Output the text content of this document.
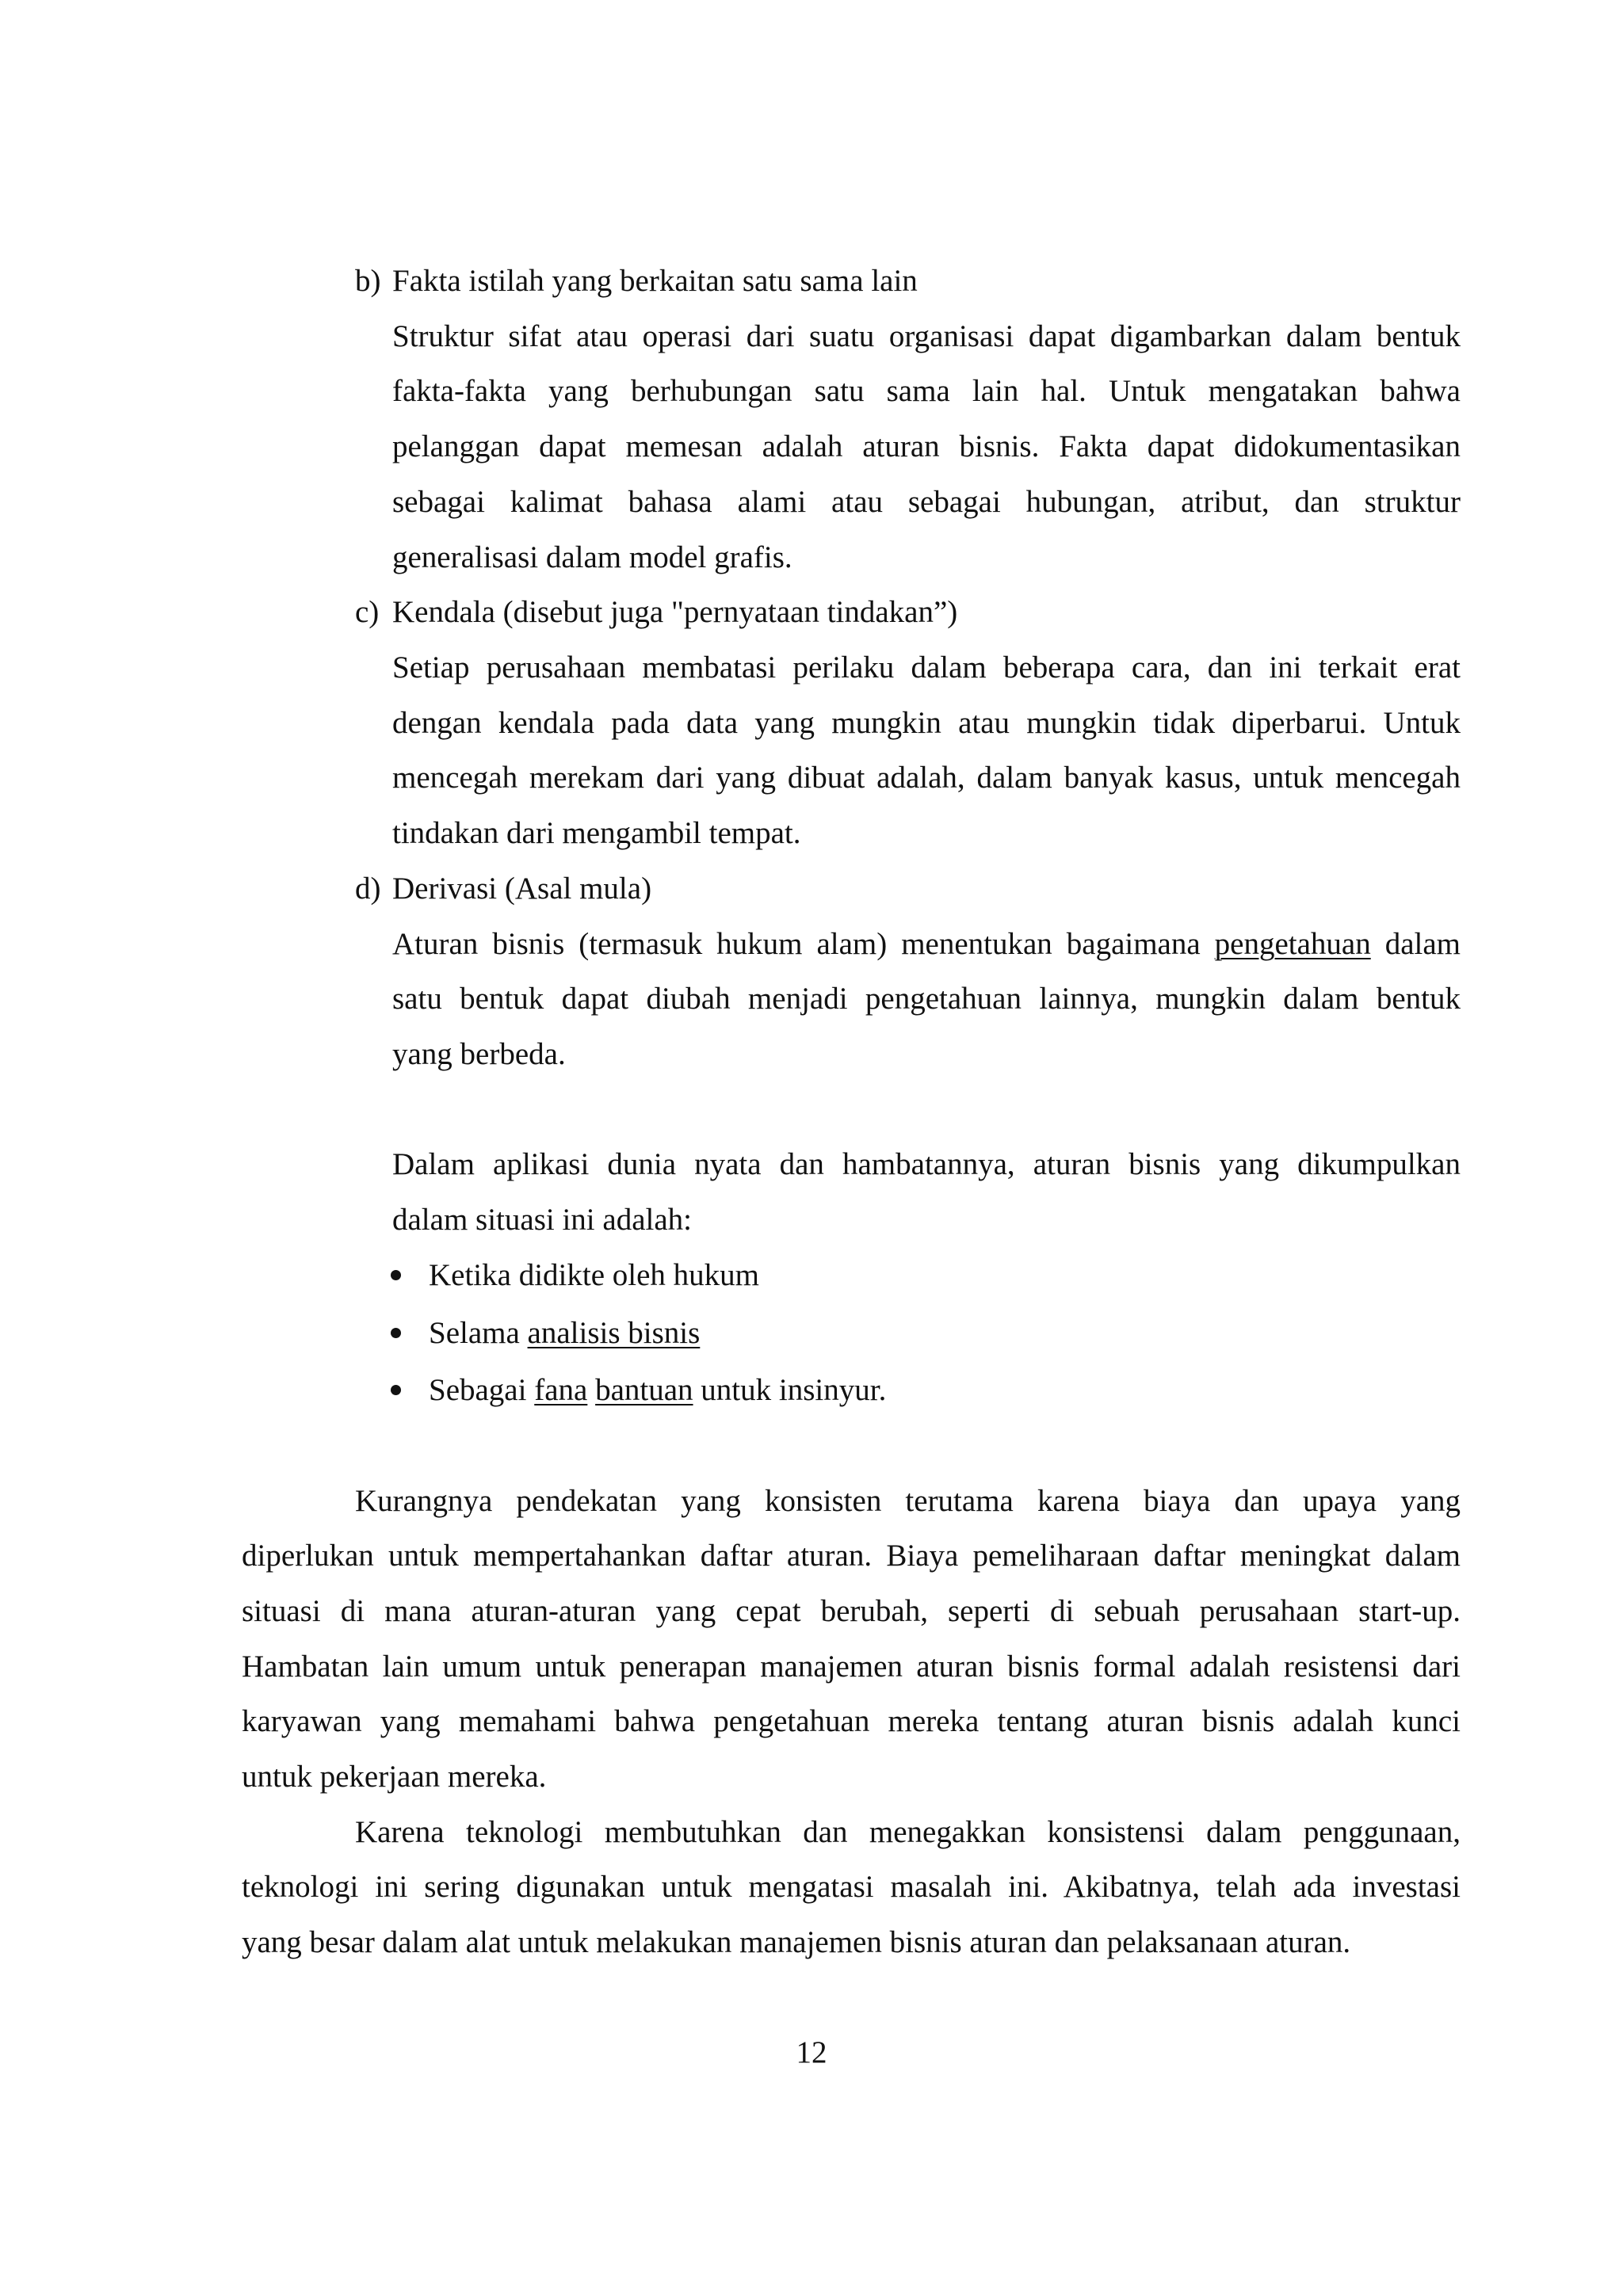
b) Fakta istilah yang berkaitan satu sama lain
Struktur sifat atau operasi dari suatu organisasi dapat digambarkan dalam bentuk
fakta-fakta yang berhubungan satu sama lain hal. Untuk mengatakan bahwa
pelanggan dapat memesan adalah aturan bisnis. Fakta dapat didokumentasikan
sebagai kalimat bahasa alami atau sebagai hubungan, atribut, dan struktur
generalisasi dalam model grafis.
c) Kendala (disebut juga "pernyataan tindakan”)
Setiap perusahaan membatasi perilaku dalam beberapa cara, dan ini terkait erat
dengan kendala pada data yang mungkin atau mungkin tidak diperbarui. Untuk
mencegah merekam dari yang dibuat adalah, dalam banyak kasus, untuk mencegah
tindakan dari mengambil tempat.
d) Derivasi (Asal mula)
Aturan bisnis (termasuk hukum alam) menentukan bagaimana pengetahuan dalam
satu bentuk dapat diubah menjadi pengetahuan lainnya, mungkin dalam bentuk
yang berbeda.
Dalam aplikasi dunia nyata dan hambatannya, aturan bisnis yang dikumpulkan
dalam situasi ini adalah:
Ketika didikte oleh hukum
Selama analisis bisnis
Sebagai fana bantuan untuk insinyur.
Kurangnya pendekatan yang konsisten terutama karena biaya dan upaya yang
diperlukan untuk mempertahankan daftar aturan. Biaya pemeliharaan daftar meningkat dalam
situasi di mana aturan-aturan yang cepat berubah, seperti di sebuah perusahaan start-up.
Hambatan lain umum untuk penerapan manajemen aturan bisnis formal adalah resistensi dari
karyawan yang memahami bahwa pengetahuan mereka tentang aturan bisnis adalah kunci
untuk pekerjaan mereka.
Karena teknologi membutuhkan dan menegakkan konsistensi dalam penggunaan,
teknologi ini sering digunakan untuk mengatasi masalah ini. Akibatnya, telah ada investasi
yang besar dalam alat untuk melakukan manajemen bisnis aturan dan pelaksanaan aturan.
12
